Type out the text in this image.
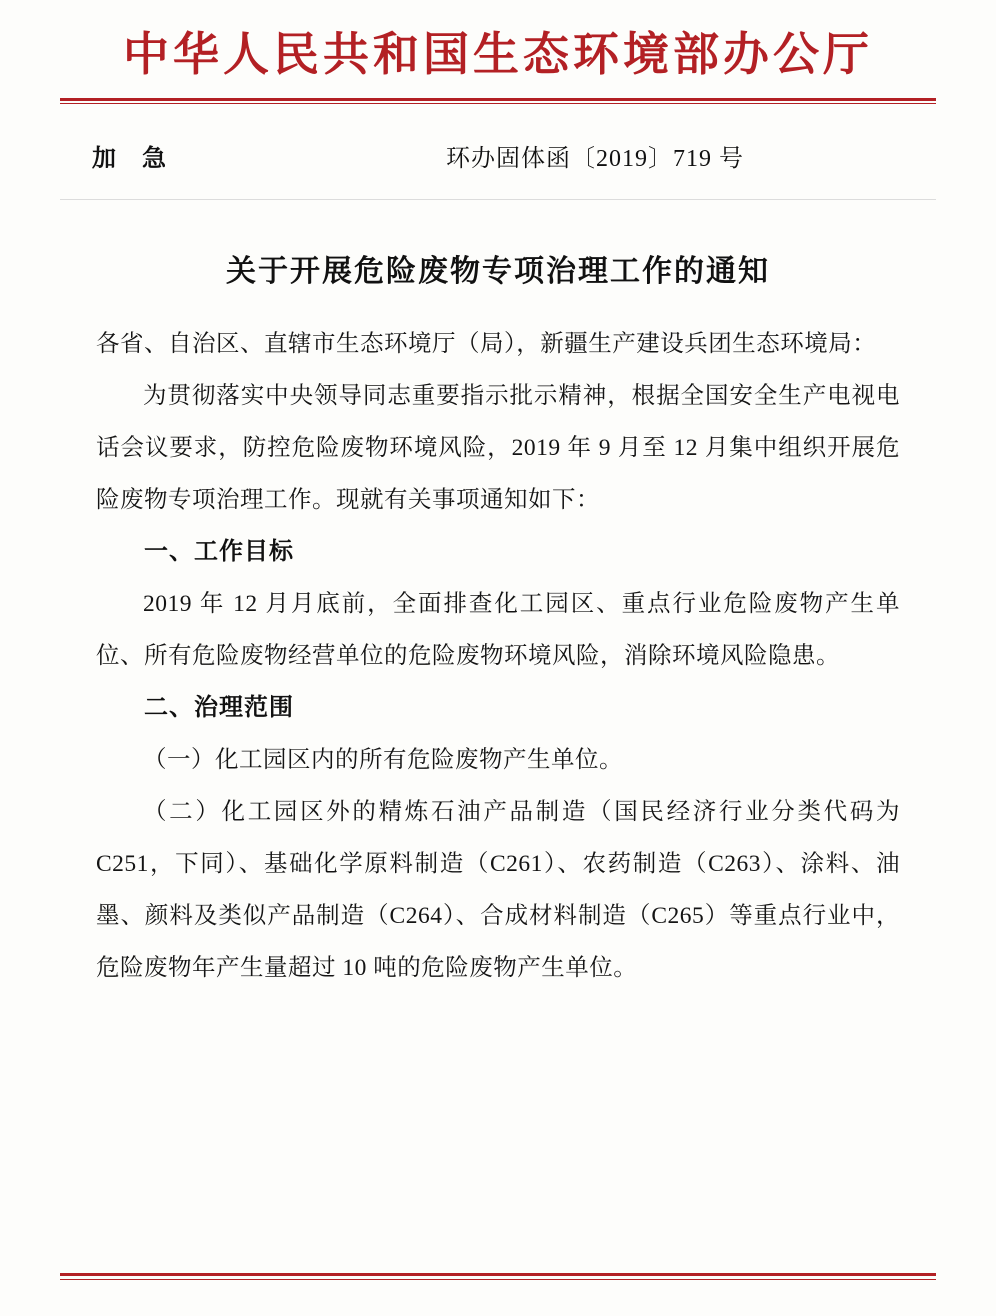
中华人民共和国生态环境部办公厅
加 急	环办固体函〔2019〕719 号
关于开展危险废物专项治理工作的通知

各省、自治区、直辖市生态环境厅（局），新疆生产建设兵团生态环境局：

为贯彻落实中央领导同志重要指示批示精神，根据全国安全生产电视电话会议要求，防控危险废物环境风险，2019 年 9 月至 12 月集中组织开展危险废物专项治理工作。现就有关事项通知如下：

一、工作目标

2019 年 12 月月底前，全面排查化工园区、重点行业危险废物产生单位、所有危险废物经营单位的危险废物环境风险，消除环境风险隐患。

二、治理范围

（一）化工园区内的所有危险废物产生单位。

（二）化工园区外的精炼石油产品制造（国民经济行业分类代码为 C251，下同）、基础化学原料制造（C261）、农药制造（C263）、涂料、油墨、颜料及类似产品制造（C264）、合成材料制造（C265）等重点行业中，危险废物年产生量超过 10 吨的危险废物产生单位。
